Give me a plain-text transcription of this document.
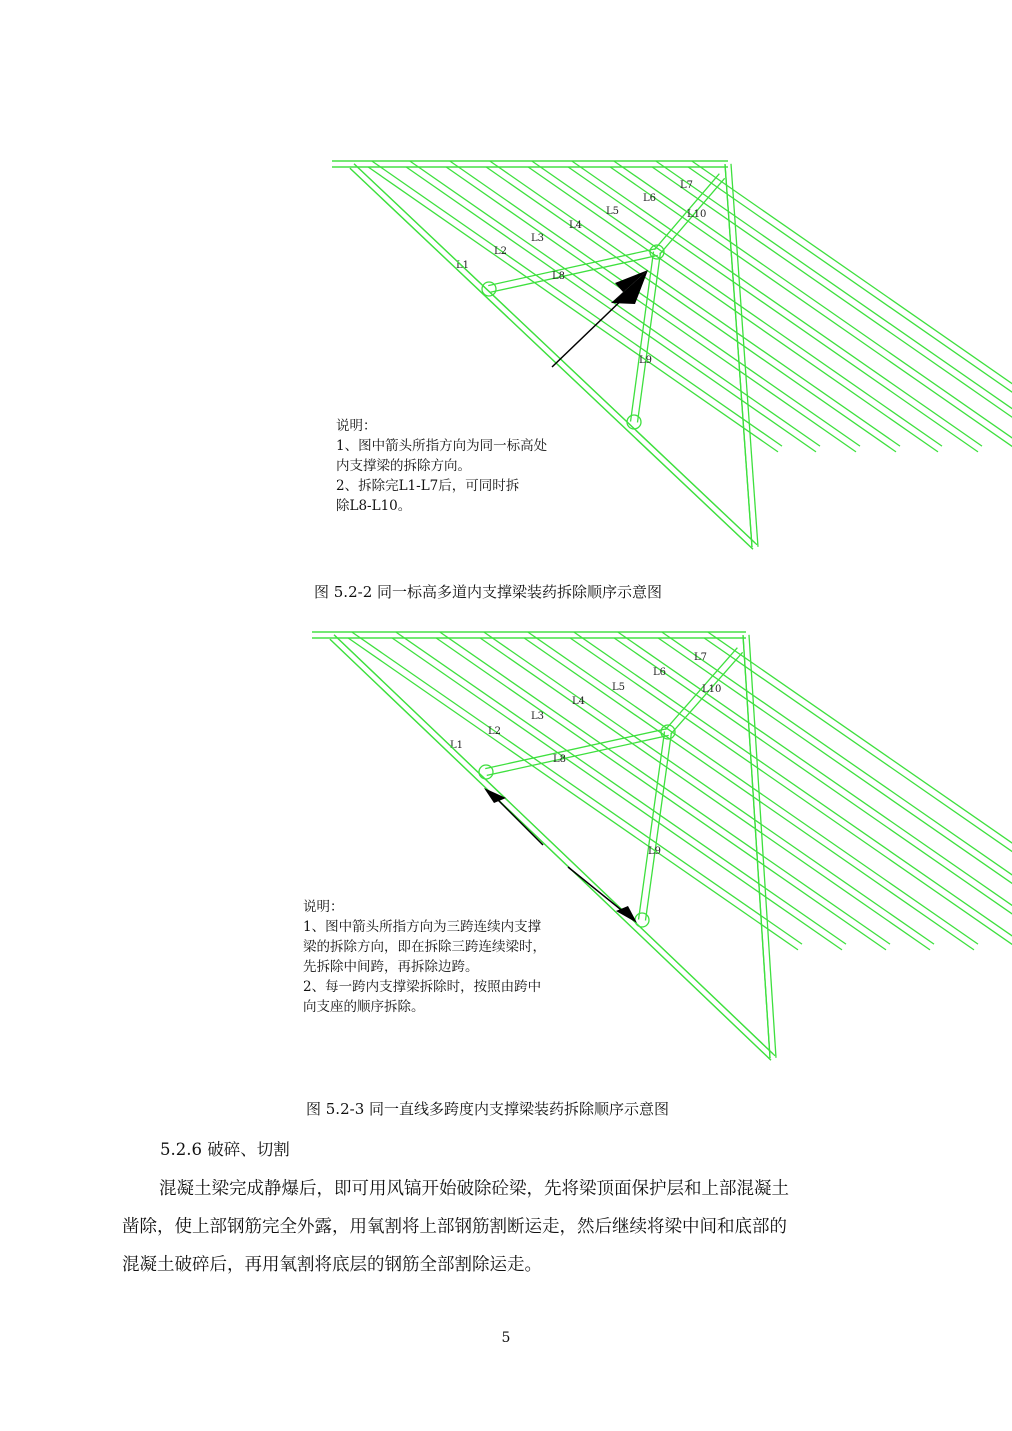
L1
L2
L3
L4
L5
L6
L7
L8
L9
L10
说明：
1、图中箭头所指方向为同一标高处
内支撑梁的拆除方向。
2、拆除完L1-L7后，可同时拆
除L8-L10。
图 5.2-2 同一标高多道内支撑梁装药拆除顺序示意图
L1
L2
L3
L4
L5
L6
L7
L8
L9
L10
说明：
1、图中箭头所指方向为三跨连续内支撑
梁的拆除方向，即在拆除三跨连续梁时，
先拆除中间跨，再拆除边跨。
2、每一跨内支撑梁拆除时，按照由跨中
向支座的顺序拆除。
图 5.2-3 同一直线多跨度内支撑梁装药拆除顺序示意图
5.2.6 破碎、切割
混凝土梁完成静爆后，即可用风镐开始破除砼梁，先将梁顶面保护层和上部混凝土
凿除，使上部钢筋完全外露，用氧割将上部钢筋割断运走，然后继续将梁中间和底部的
混凝土破碎后，再用氧割将底层的钢筋全部割除运走。
5
